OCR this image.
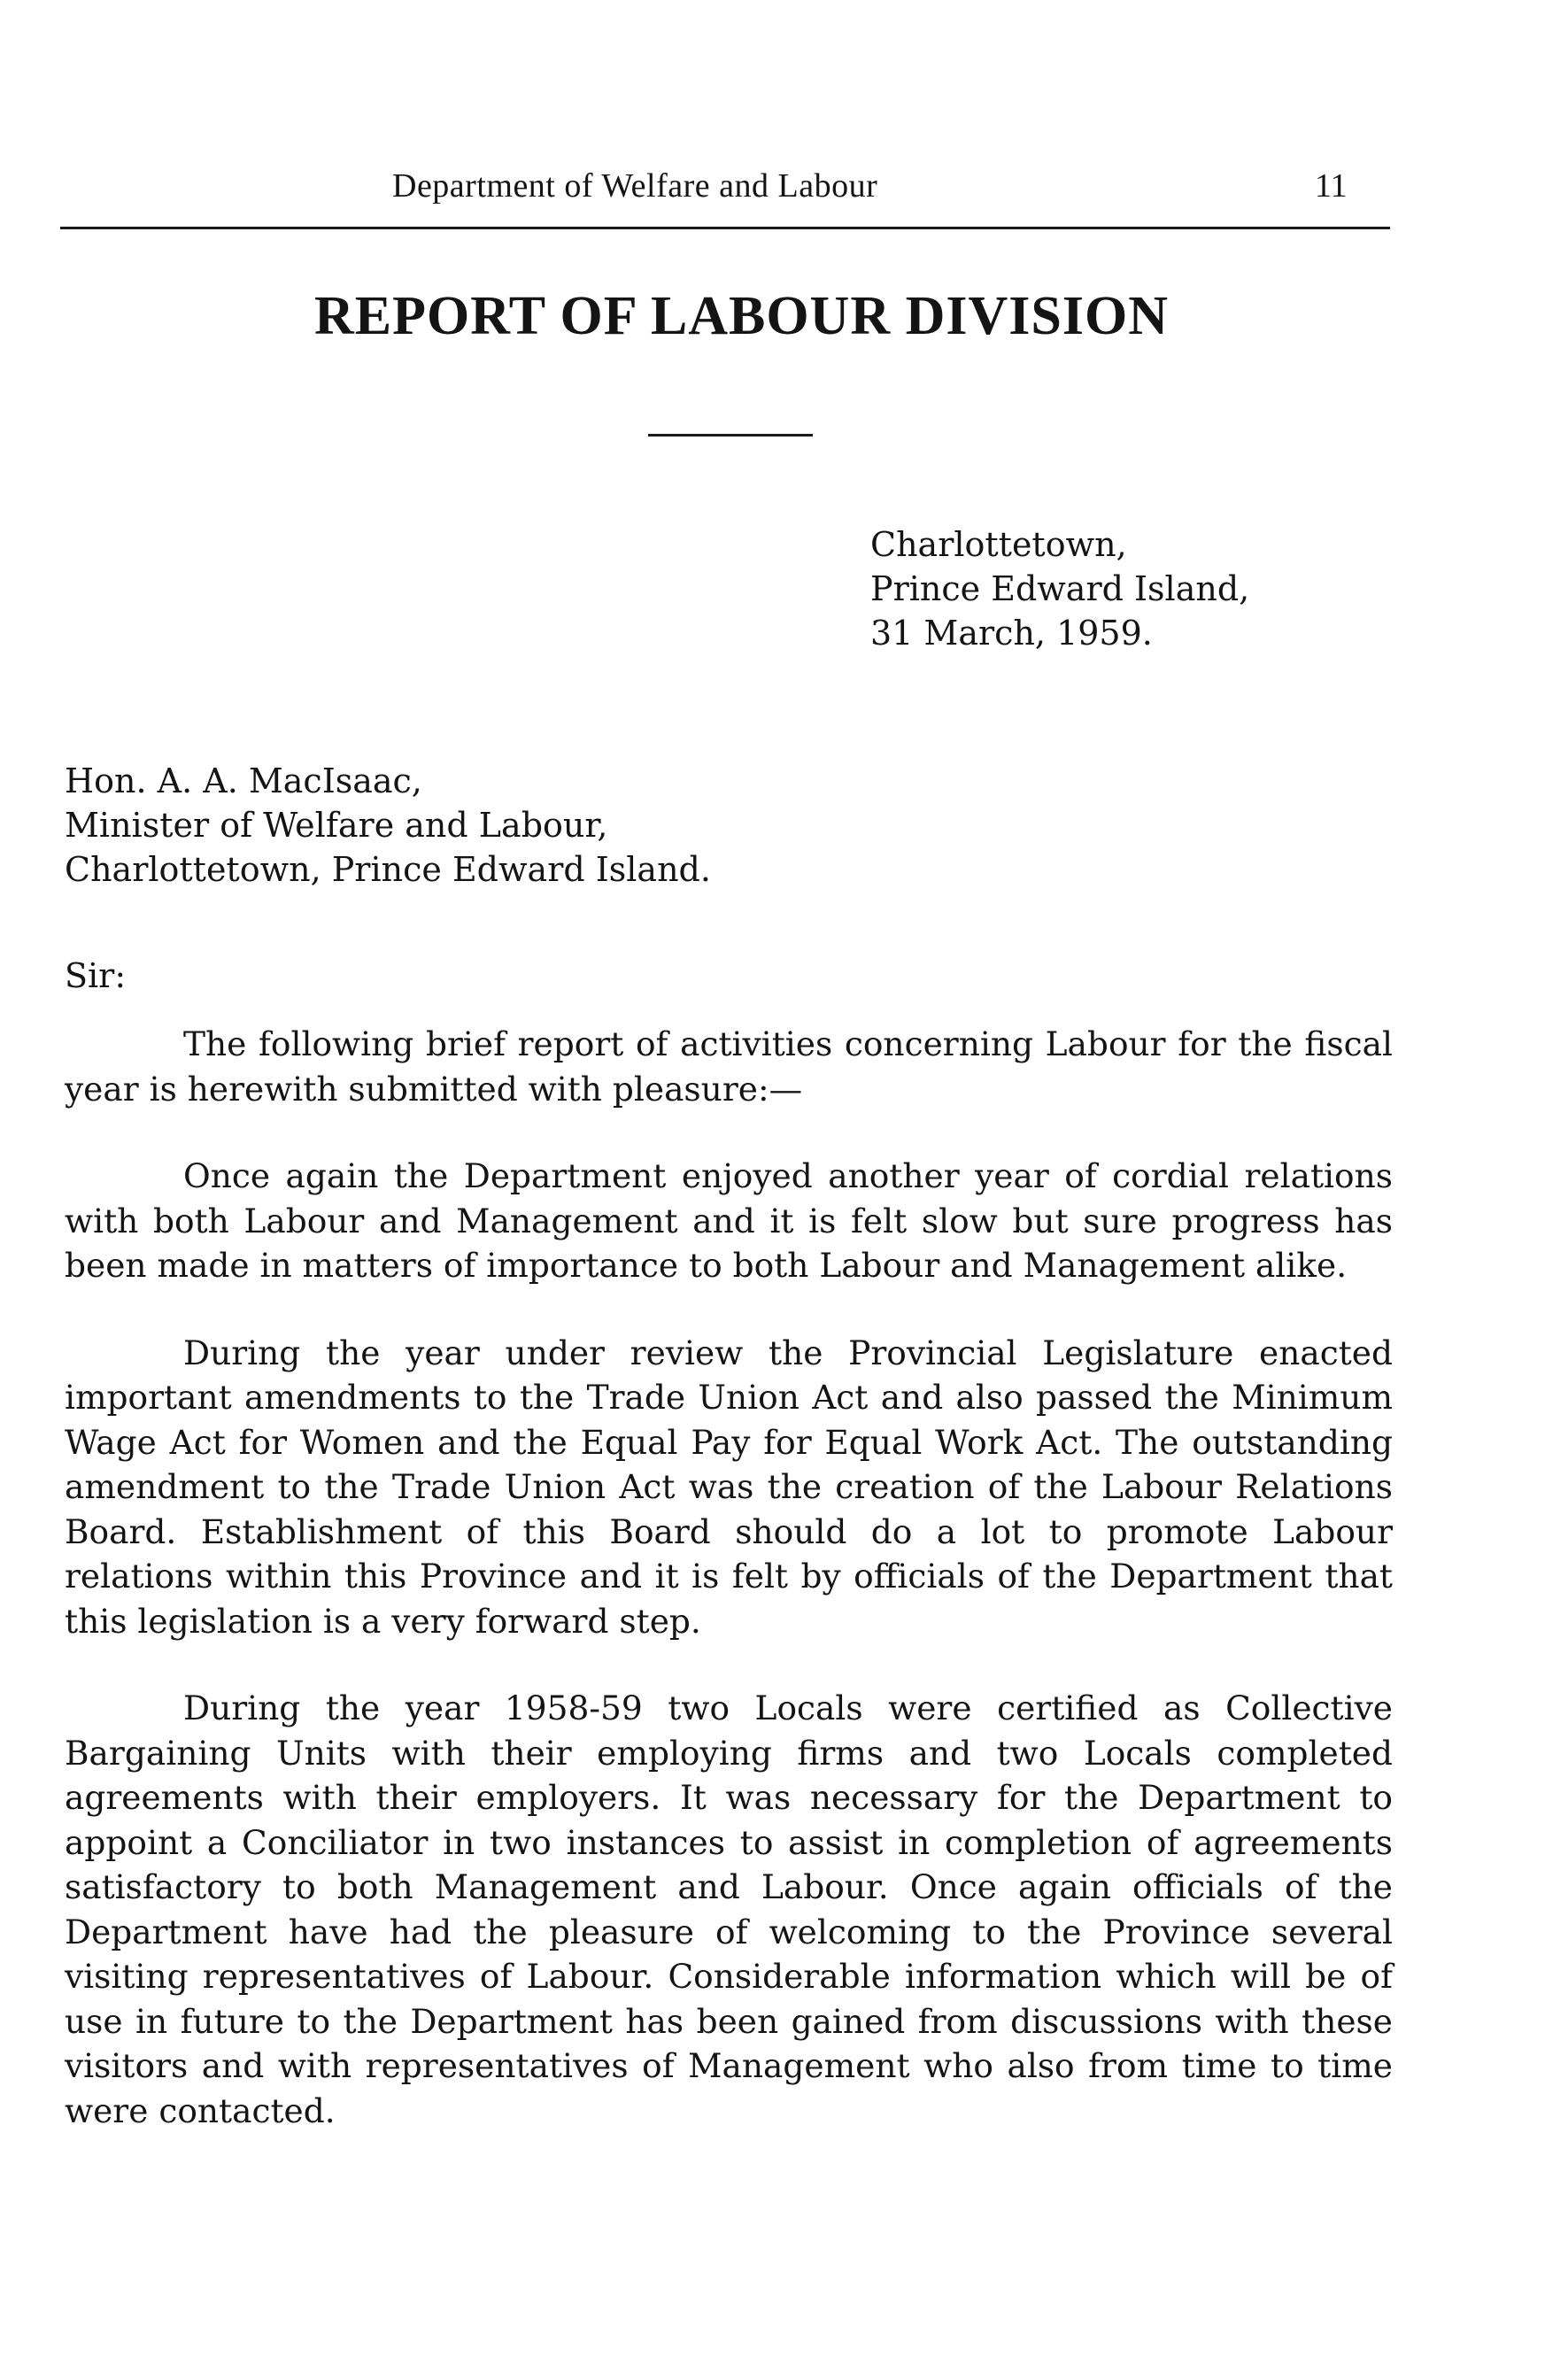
Department of Welfare and Labour	11
REPORT OF LABOUR DIVISION
Charlottetown,
Prince Edward Island,
31 March, 1959.
Hon. A. A. MacIsaac,
Minister of Welfare and Labour,
Charlottetown, Prince Edward Island.
Sir:

The following brief report of activities concerning Labour for the fiscal year is herewith submitted with pleasure:—

Once again the Department enjoyed another year of cordial relations with both Labour and Management and it is felt slow but sure progress has been made in matters of importance to both Labour and Management alike.

During the year under review the Provincial Legislature enacted important amendments to the Trade Union Act and also passed the Minimum Wage Act for Women and the Equal Pay for Equal Work Act. The outstanding amendment to the Trade Union Act was the creation of the Labour Relations Board. Establishment of this Board should do a lot to promote Labour relations within this Province and it is felt by officials of the Department that this legislation is a very forward step.

During the year 1958-59 two Locals were certified as Collective Bargaining Units with their employing firms and two Locals completed agreements with their employers. It was necessary for the Department to appoint a Conciliator in two instances to assist in completion of agreements satisfactory to both Management and Labour. Once again officials of the Department have had the pleasure of welcoming to the Province several visiting representatives of Labour. Considerable information which will be of use in future to the Department has been gained from discussions with these visitors and with representatives of Management who also from time to time were contacted.
